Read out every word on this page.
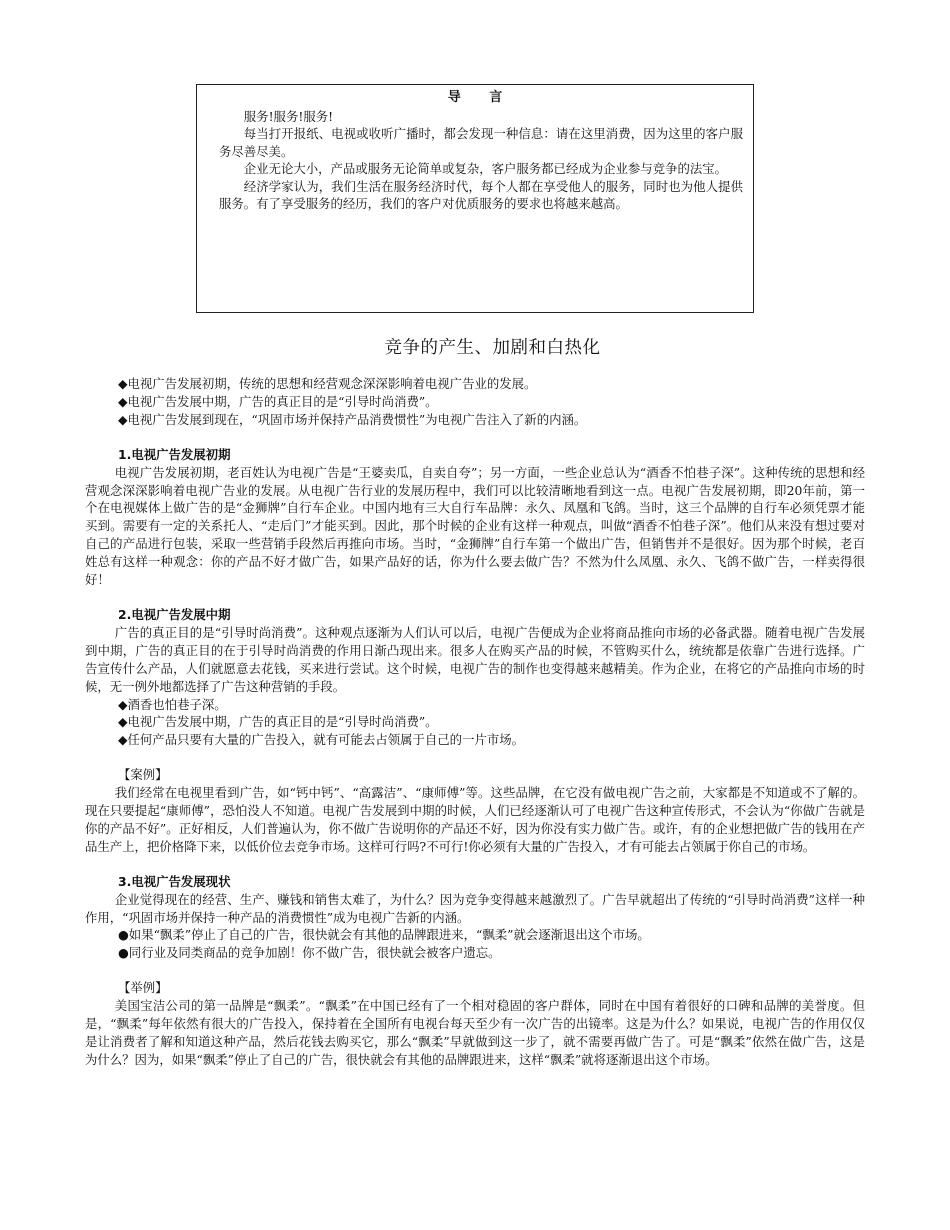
导 言

服务!服务!服务!

每当打开报纸、电视或收听广播时，都会发现一种信息：请在这里消费，因为这里的客户服务尽善尽美。

企业无论大小，产品或服务无论简单或复杂，客户服务都已经成为企业参与竞争的法宝。

经济学家认为，我们生活在服务经济时代，每个人都在享受他人的服务，同时也为他人提供服务。有了享受服务的经历，我们的客户对优质服务的要求也将越来越高。

竞争的产生、加剧和白热化

◆电视广告发展初期，传统的思想和经营观念深深影响着电视广告业的发展。

◆电视广告发展中期，广告的真正目的是“引导时尚消费”。

◆电视广告发展到现在，“巩固市场并保持产品消费惯性”为电视广告注入了新的内涵。

1.电视广告发展初期

电视广告发展初期，老百姓认为电视广告是“王婆卖瓜，自卖自夸”；另一方面，一些企业总认为“酒香不怕巷子深”。这种传统的思想和经营观念深深影响着电视广告业的发展。从电视广告行业的发展历程中，我们可以比较清晰地看到这一点。电视广告发展初期，即20年前，第一个在电视媒体上做广告的是“金狮牌”自行车企业。中国内地有三大自行车品牌：永久、凤凰和飞鸽。当时，这三个品牌的自行车必须凭票才能买到。需要有一定的关系托人、“走后门”才能买到。因此，那个时候的企业有这样一种观点，叫做“酒香不怕巷子深”。他们从来没有想过要对自己的产品进行包装，采取一些营销手段然后再推向市场。当时，“金狮牌”自行车第一个做出广告，但销售并不是很好。因为那个时候，老百姓总有这样一种观念：你的产品不好才做广告，如果产品好的话，你为什么要去做广告？不然为什么凤凰、永久、飞鸽不做广告，一样卖得很好！

2.电视广告发展中期

广告的真正目的是“引导时尚消费”。这种观点逐渐为人们认可以后，电视广告便成为企业将商品推向市场的必备武器。随着电视广告发展到中期，广告的真正目的在于引导时尚消费的作用日渐凸现出来。很多人在购买产品的时候，不管购买什么，统统都是依靠广告进行选择。广告宣传什么产品，人们就愿意去花钱，买来进行尝试。这个时候，电视广告的制作也变得越来越精美。作为企业，在将它的产品推向市场的时候，无一例外地都选择了广告这种营销的手段。

◆酒香也怕巷子深。

◆电视广告发展中期，广告的真正目的是“引导时尚消费”。

◆任何产品只要有大量的广告投入，就有可能去占领属于自己的一片市场。

【案例】

我们经常在电视里看到广告，如“钙中钙”、“高露洁”、“康师傅”等。这些品牌，在它没有做电视广告之前，大家都是不知道或不了解的。现在只要提起“康师傅”，恐怕没人不知道。电视广告发展到中期的时候，人们已经逐渐认可了电视广告这种宣传形式，不会认为“你做广告就是你的产品不好”。正好相反，人们普遍认为，你不做广告说明你的产品还不好，因为你没有实力做广告。或许，有的企业想把做广告的钱用在产品生产上，把价格降下来，以低价位去竞争市场。这样可行吗?不可行!你必须有大量的广告投入，才有可能去占领属于你自己的市场。

3.电视广告发展现状

企业觉得现在的经营、生产、赚钱和销售太难了，为什么？因为竞争变得越来越激烈了。广告早就超出了传统的“引导时尚消费”这样一种作用，“巩固市场并保持一种产品的消费惯性”成为电视广告新的内涵。

●如果“飘柔”停止了自己的广告，很快就会有其他的品牌跟进来，“飘柔”就会逐渐退出这个市场。

●同行业及同类商品的竞争加剧！你不做广告，很快就会被客户遗忘。

【举例】

美国宝洁公司的第一品牌是“飘柔”。“飘柔”在中国已经有了一个相对稳固的客户群体，同时在中国有着很好的口碑和品牌的美誉度。但是，“飘柔”每年依然有很大的广告投入，保持着在全国所有电视台每天至少有一次广告的出镜率。这是为什么？如果说，电视广告的作用仅仅是让消费者了解和知道这种产品，然后花钱去购买它，那么“飘柔”早就做到这一步了，就不需要再做广告了。可是“飘柔”依然在做广告，这是为什么？因为，如果“飘柔”停止了自己的广告，很快就会有其他的品牌跟进来，这样“飘柔”就将逐渐退出这个市场。
